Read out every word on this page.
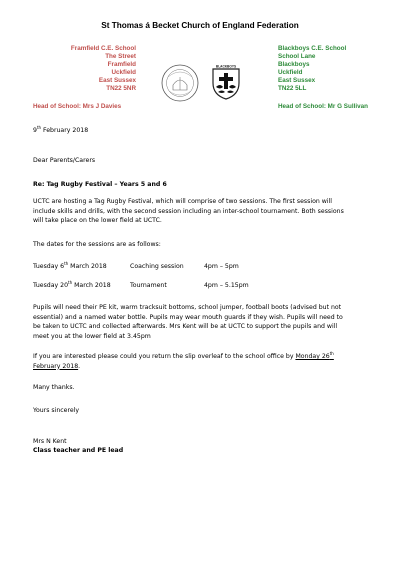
St Thomas á Becket Church of England Federation
Framfield C.E. School
The Street
Framfield
Uckfield
East Sussex
TN22 5NR
Blackboys C.E. School
School Lane
Blackboys
Uckfield
East Sussex
TN22 5LL
Head of School: Mrs J Davies	Head of School: Mr G Sullivan
BLACKBOYS
9th February 2018
Dear Parents/Carers
Re: Tag Rugby Festival – Years 5 and 6
UCTC are hosting a Tag Rugby Festival, which will comprise of two sessions. The first session will
include skills and drills, with the second session including an inter-school tournament. Both sessions
will take place on the lower field at UCTC.
The dates for the sessions are as follows:
Tuesday 6th March 2018	Coaching session	4pm – 5pm
Tuesday 20th March 2018	Tournament	4pm – 5.15pm
Pupils will need their PE kit, warm tracksuit bottoms, school jumper, football boots (advised but not
essential) and a named water bottle. Pupils may wear mouth guards if they wish. Pupils will need to
be taken to UCTC and collected afterwards. Mrs Kent will be at UCTC to support the pupils and will
meet you at the lower field at 3.45pm
If you are interested please could you return the slip overleaf to the school office by Monday 26th
February 2018.
Many thanks.
Yours sincerely
Mrs N Kent
Class teacher and PE lead
